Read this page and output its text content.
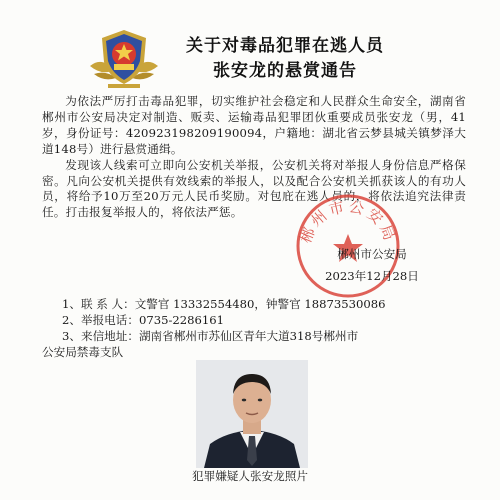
关于对毒品犯罪在逃人员
张安龙的悬赏通告

为依法严厉打击毒品犯罪，切实维护社会稳定和人民群众生命安全，湖南省郴州市公安局决定对制造、贩卖、运输毒品犯罪团伙重要成员张安龙（男，41岁，身份证号：420923198209190094，户籍地：湖北省云梦县城关镇梦泽大道148号）进行悬赏通缉。

发现该人线索可立即向公安机关举报，公安机关将对举报人身份信息严格保密。凡向公安机关提供有效线索的举报人，以及配合公安机关抓获该人的有功人员，将给予10万至20万元人民币奖励。对包庇在逃人员的，将依法追究法律责任。打击报复举报人的，将依法严惩。

郴州市公安局
郴州市公安局
2023年12月28日
1、联 系 人：文警官 13332554480，钟警官 18873530086
2、举报电话：0735-2286161
3、来信地址：湖南省郴州市苏仙区青年大道318号郴州市
公安局禁毒支队
犯罪嫌疑人张安龙照片
